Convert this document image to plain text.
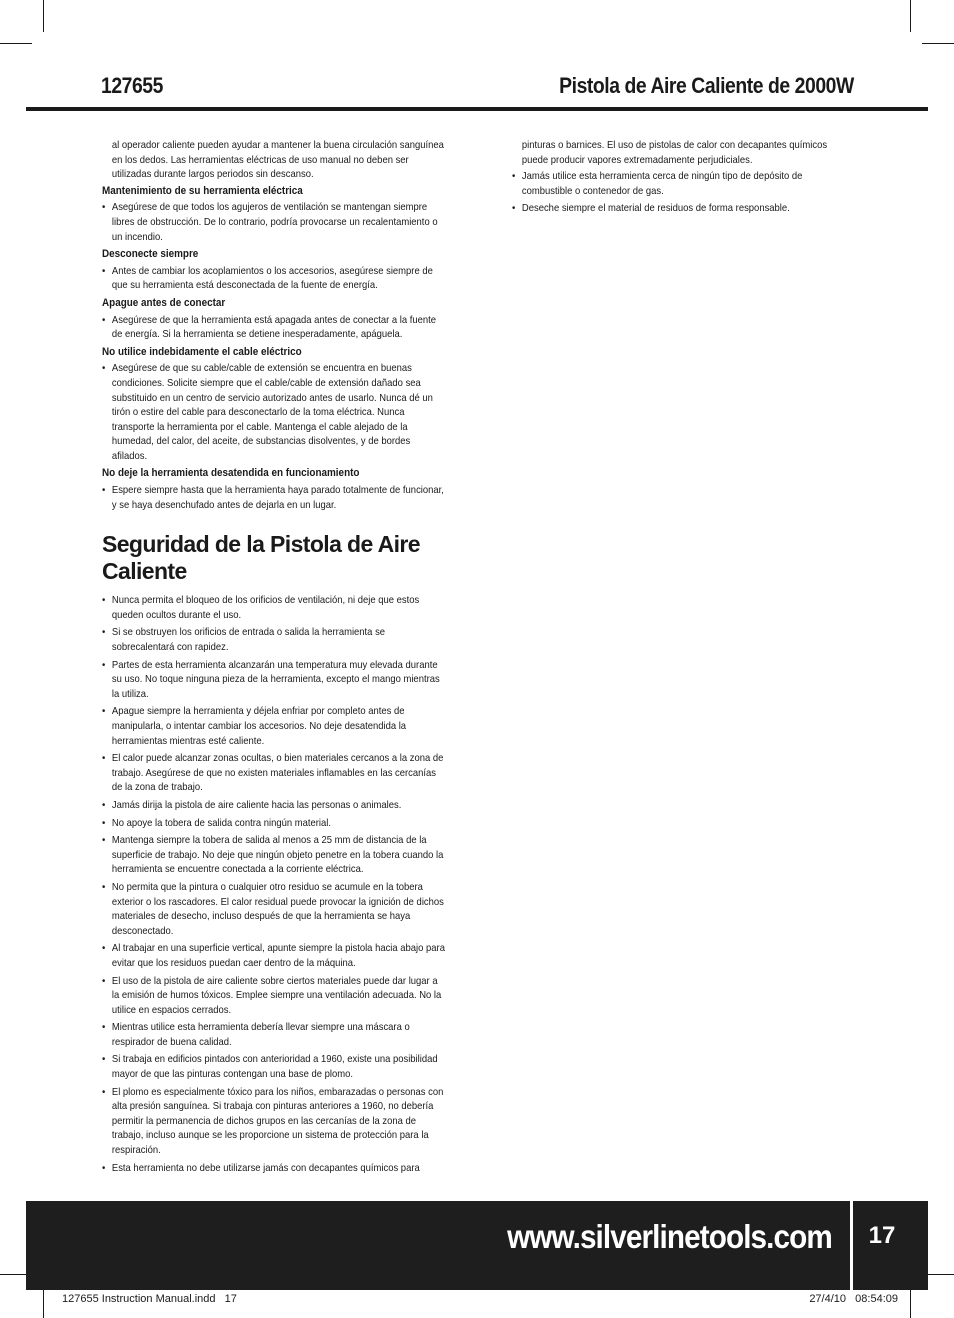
127655	Pistola de Aire Caliente de 2000W

al operador caliente pueden ayudar a mantener la buena circulación sanguínea en los dedos. Las herramientas eléctricas de uso manual no deben ser utilizadas durante largos periodos sin descanso.

Mantenimiento de su herramienta eléctrica
• Asegúrese de que todos los agujeros de ventilación se mantengan siempre libres de obstrucción. De lo contrario, podría provocarse un recalentamiento o un incendio.
Desconecte siempre
• Antes de cambiar los acoplamientos o los accesorios, asegúrese siempre de que su herramienta está desconectada de la fuente de energía.
Apague antes de conectar
• Asegúrese de que la herramienta está apagada antes de conectar a la fuente de energía. Si la herramienta se detiene inesperadamente, apáguela.
No utilice indebidamente el cable eléctrico
• Asegúrese de que su cable/cable de extensión se encuentra en buenas condiciones. Solicite siempre que el cable/cable de extensión dañado sea substituido en un centro de servicio autorizado antes de usarlo. Nunca dé un tirón o estire del cable para desconectarlo de la toma eléctrica. Nunca transporte la herramienta por el cable. Mantenga el cable alejado de la humedad, del calor, del aceite, de substancias disolventes, y de bordes afilados.
No deje la herramienta desatendida en funcionamiento
• Espere siempre hasta que la herramienta haya parado totalmente de funcionar, y se haya desenchufado antes de dejarla en un lugar.
Seguridad de la Pistola de Aire Caliente
• Nunca permita el bloqueo de los orificios de ventilación, ni deje que estos queden ocultos durante el uso.
• Si se obstruyen los orificios de entrada o salida la herramienta se sobrecalentará con rapidez.
• Partes de esta herramienta alcanzarán una temperatura muy elevada durante su uso. No toque ninguna pieza de la herramienta, excepto el mango mientras la utiliza.
• Apague siempre la herramienta y déjela enfriar por completo antes de manipularla, o intentar cambiar los accesorios. No deje desatendida la herramientas mientras esté caliente.
• El calor puede alcanzar zonas ocultas, o bien materiales cercanos a la zona de trabajo. Asegúrese de que no existen materiales inflamables en las cercanías de la zona de trabajo.
• Jamás dirija la pistola de aire caliente hacia las personas o animales.
• No apoye la tobera de salida contra ningún material.
• Mantenga siempre la tobera de salida al menos a 25 mm de distancia de la superficie de trabajo. No deje que ningún objeto penetre en la tobera cuando la herramienta se encuentre conectada a la corriente eléctrica.
• No permita que la pintura o cualquier otro residuo se acumule en la tobera exterior o los rascadores. El calor residual puede provocar la ignición de dichos materiales de desecho, incluso después de que la herramienta se haya desconectado.
• Al trabajar en una superficie vertical, apunte siempre la pistola hacia abajo para evitar que los residuos puedan caer dentro de la máquina.
• El uso de la pistola de aire caliente sobre ciertos materiales puede dar lugar a la emisión de humos tóxicos. Emplee siempre una ventilación adecuada. No la utilice en espacios cerrados.
• Mientras utilice esta herramienta debería llevar siempre una máscara o respirador de buena calidad.
• Si trabaja en edificios pintados con anterioridad a 1960, existe una posibilidad mayor de que las pinturas contengan una base de plomo.
• El plomo es especialmente tóxico para los niños, embarazadas o personas con alta presión sanguínea. Si trabaja con pinturas anteriores a 1960, no debería permitir la permanencia de dichos grupos en las cercanías de la zona de trabajo, incluso aunque se les proporcione un sistema de protección para la respiración.
• Esta herramienta no debe utilizarse jamás con decapantes químicos para

pinturas o barnices. El uso de pistolas de calor con decapantes químicos puede producir vapores extremadamente perjudiciales.

• Jamás utilice esta herramienta cerca de ningún tipo de depósito de combustible o contenedor de gas.
• Deseche siempre el material de residuos de forma responsable.
www.silverlinetools.com	17
127655 Instruction Manual.indd   17	27/4/10   08:54:09
